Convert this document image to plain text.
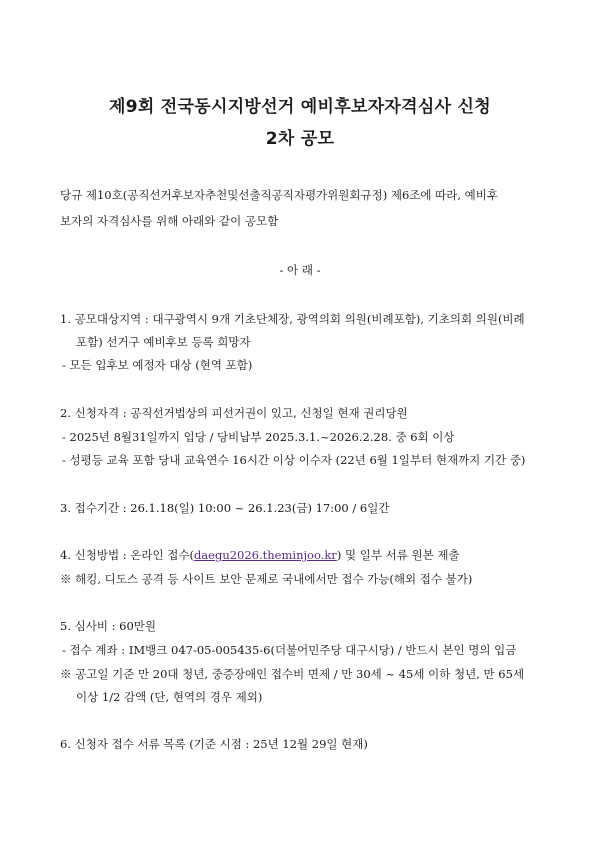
제9회 전국동시지방선거 예비후보자자격심사 신청
2차 공모
당규 제10호(공직선거후보자추천및선출직공직자평가위원회규정) 제6조에 따라, 예비후
보자의 자격심사를 위해 아래와 같이 공모함
- 아 래 -
1. 공모대상지역 : 대구광역시 9개 기초단체장, 광역의회 의원(비례포함), 기초의회 의원(비례
포함) 선거구 예비후보 등록 희망자
- 모든 입후보 예정자 대상 (현역 포함)
2. 신청자격 : 공직선거법상의 피선거권이 있고, 신청일 현재 권리당원
- 2025년 8월31일까지 입당 / 당비납부 2025.3.1.~2026.2.28. 중 6회 이상
- 성평등 교육 포함 당내 교육연수 16시간 이상 이수자 (22년 6월 1일부터 현재까지 기간 중)
3. 접수기간 : 26.1.18(일) 10:00 ~ 26.1.23(금) 17:00 / 6일간
4. 신청방법 : 온라인 접수(daegu2026.theminjoo.kr) 및 일부 서류 원본 제출
※ 해킹, 디도스 공격 등 사이트 보안 문제로 국내에서만 접수 가능(해외 접수 불가)
5. 심사비 : 60만원
- 접수 계좌 : IM뱅크 047-05-005435-6(더불어민주당 대구시당) / 반드시 본인 명의 입금
※ 공고일 기준 만 20대 청년, 중증장애인 접수비 면제 / 만 30세 ~ 45세 이하 청년, 만 65세
이상 1/2 감액 (단, 현역의 경우 제외)
6. 신청자 접수 서류 목록 (기준 시점 : 25년 12월 29일 현재)
